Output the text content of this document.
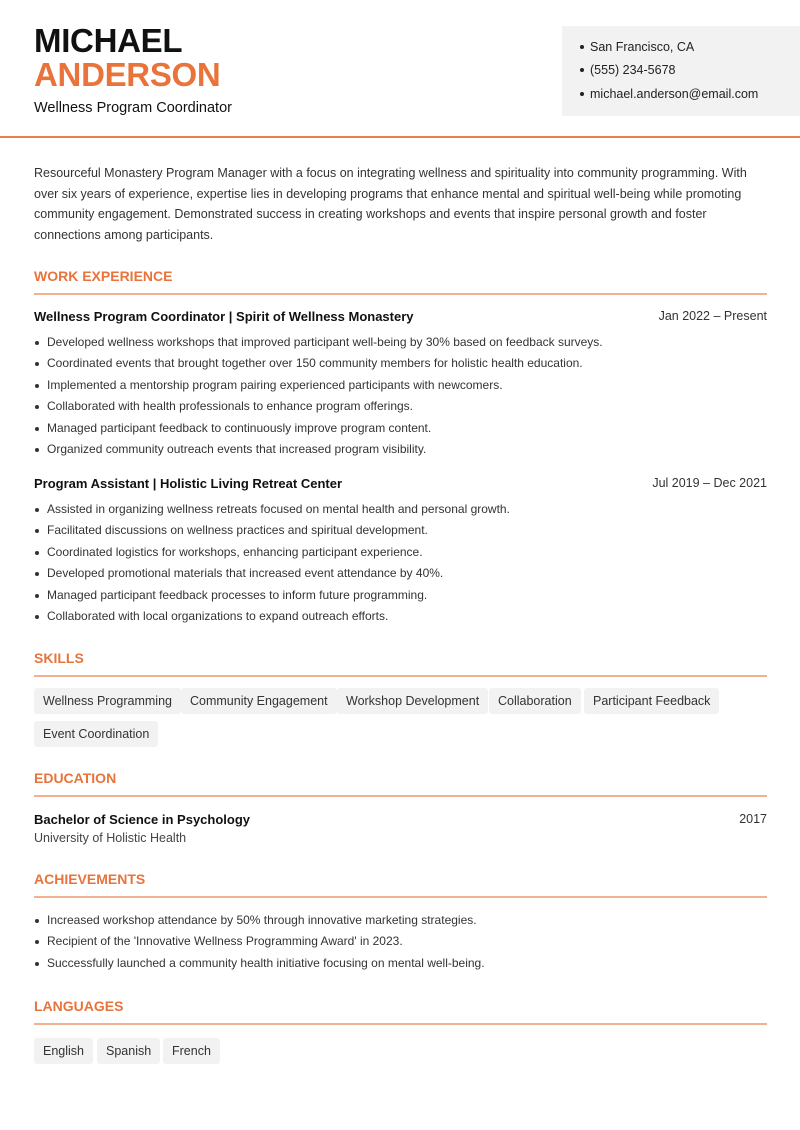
MICHAEL
ANDERSON
Wellness Program Coordinator
San Francisco, CA
(555) 234-5678
michael.anderson@email.com

Resourceful Monastery Program Manager with a focus on integrating wellness and spirituality into community programming. With over six years of experience, expertise lies in developing programs that enhance mental and spiritual well-being while promoting community engagement. Demonstrated success in creating workshops and events that inspire personal growth and foster connections among participants.

WORK EXPERIENCE
Wellness Program Coordinator | Spirit of Wellness Monastery	Jan 2022 – Present
Developed wellness workshops that improved participant well-being by 30% based on feedback surveys.
Coordinated events that brought together over 150 community members for holistic health education.
Implemented a mentorship program pairing experienced participants with newcomers.
Collaborated with health professionals to enhance program offerings.
Managed participant feedback to continuously improve program content.
Organized community outreach events that increased program visibility.
Program Assistant | Holistic Living Retreat Center	Jul 2019 – Dec 2021
Assisted in organizing wellness retreats focused on mental health and personal growth.
Facilitated discussions on wellness practices and spiritual development.
Coordinated logistics for workshops, enhancing participant experience.
Developed promotional materials that increased event attendance by 40%.
Managed participant feedback processes to inform future programming.
Collaborated with local organizations to expand outreach efforts.
SKILLS
Wellness Programming	Community Engagement	Workshop Development	Collaboration	Participant Feedback
Event Coordination
EDUCATION
Bachelor of Science in Psychology	2017
University of Holistic Health
ACHIEVEMENTS
Increased workshop attendance by 50% through innovative marketing strategies.
Recipient of the 'Innovative Wellness Programming Award' in 2023.
Successfully launched a community health initiative focusing on mental well-being.
LANGUAGES
English	Spanish	French
